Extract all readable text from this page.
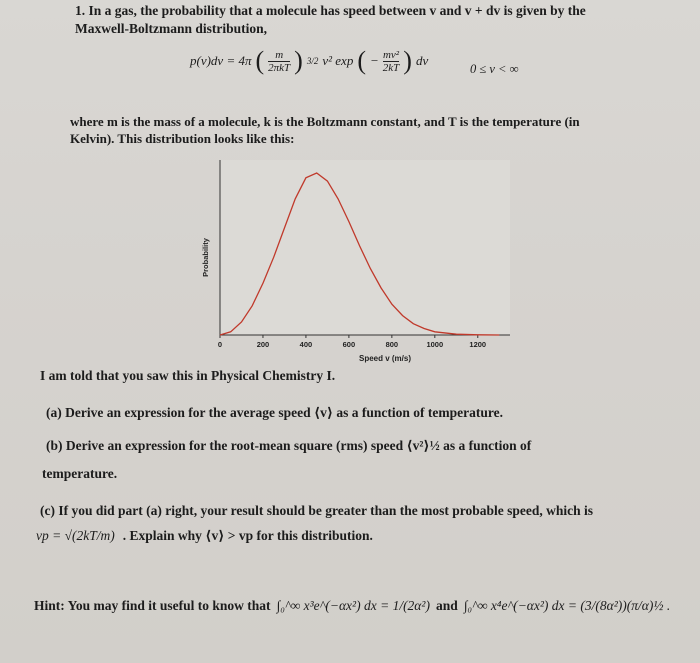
1. In a gas, the probability that a molecule has speed between v and v + dv is given by the
Maxwell-Boltzmann distribution,
p(v)dv = 4π ( $\frac{m}{\text{2πkT}}$ ) 3/2 v² exp ( − $\frac{\text{mv²}}{2kT}$ ) dv
0 ≤ v < ∞
where m is the mass of a molecule, k is the Boltzmann constant, and T is the temperature (in
Kelvin). This distribution looks like this:
0	200	400	600	800	1000	1200
Speed v (m/s)
Probability
I am told that you saw this in Physical Chemistry I.
(a) Derive an expression for the average speed ⟨v⟩ as a function of temperature.
(b) Derive an expression for the root-mean square (rms) speed ⟨v²⟩½ as a function of
temperature.
(c) If you did part (a) right, your result should be greater than the most probable speed, which is
vp = √(2kT/m) . Explain why ⟨v⟩ > vp for this distribution.
Hint: You may find it useful to know that ∫₀^∞ x³e^(−αx²) dx = 1/(2α²) and ∫₀^∞ x⁴e^(−αx²) dx = (3/(8α²))(π/α)½ .
